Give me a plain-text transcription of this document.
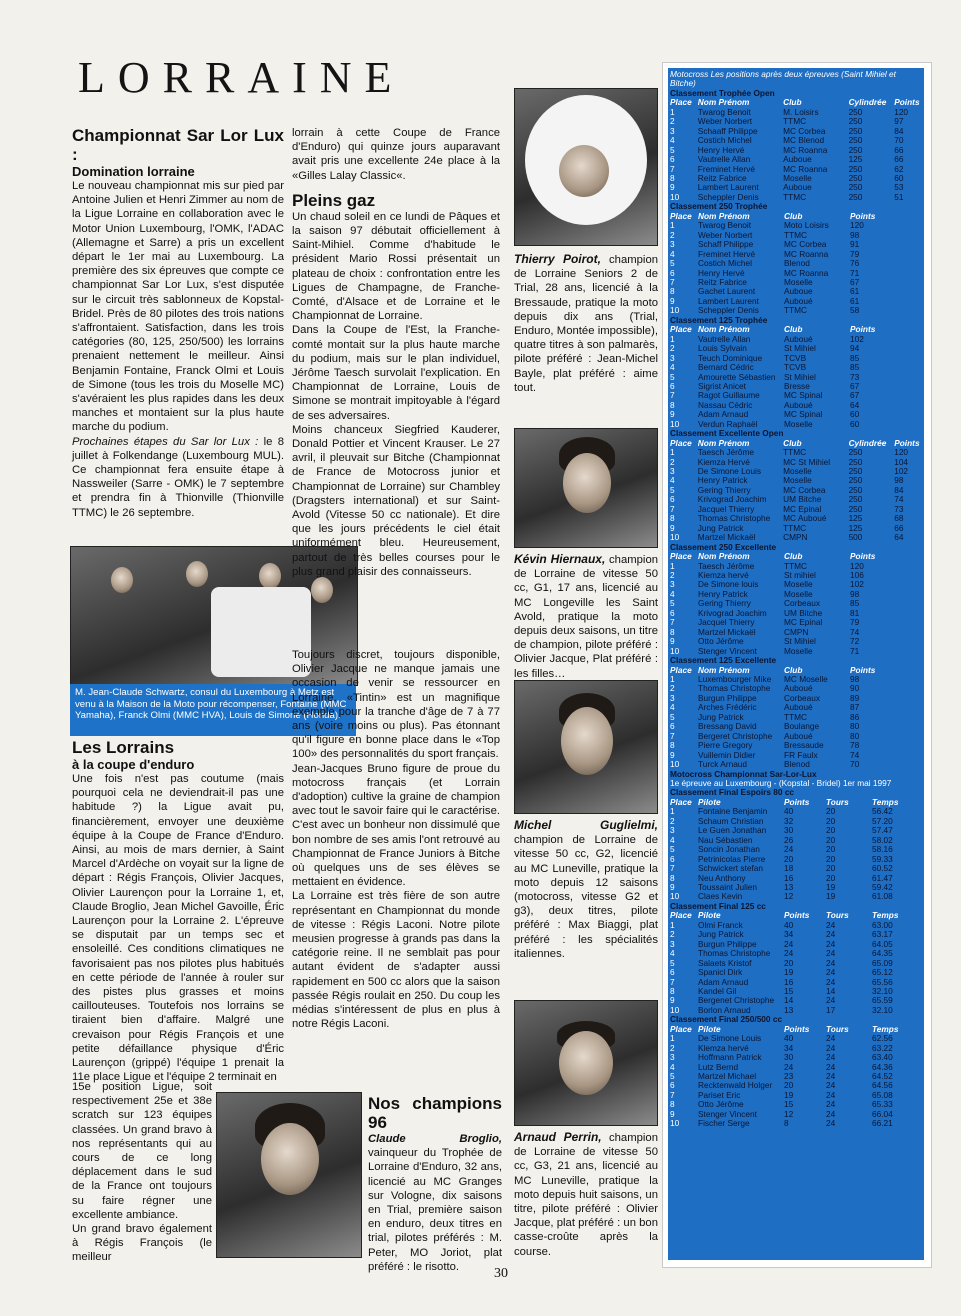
LORRAINE
Championnat Sar Lor Lux :
Domination lorraine

Le nouveau championnat mis sur pied par Antoine Julien et Henri Zimmer au nom de la Ligue Lorraine en collaboration avec le Motor Union Luxembourg, l'OMK, l'ADAC (Allemagne et Sarre) a pris un excellent départ le 1er mai au Luxembourg. La première des six épreuves que compte ce championnat Sar Lor Lux, s'est disputée sur le circuit très sablonneux de Kopstal-Bridel. Près de 80 pilotes des trois nations s'affrontaient. Satisfaction, dans les trois catégories (80, 125, 250/500) les lorrains prenaient nettement le meilleur. Ainsi Benjamin Fontaine, Franck Olmi et Louis de Simone (tous les trois du Moselle MC) s'avéraient les plus rapides dans les deux manches et montaient sur la plus haute marche du podium.

Prochaines étapes du Sar lor Lux : le 8 juillet à Folkendange (Luxembourg MUL). Ce championnat fera ensuite étape à Nassweiler (Sarre - OMK) le 7 septembre et prendra fin à Thionville (Thionville TTMC) le 26 septembre.

M. Jean-Claude Schwartz, consul du Luxembourg à Metz est venu à la Maison de la Moto pour récompenser, Fontaine (MMC Yamaha), Franck Olmi (MMC HVA), Louis de Simone (Honda).
Les Lorrains
à la coupe d'enduro

Une fois n'est pas coutume (mais pourquoi cela ne deviendrait-il pas une habitude ?) la Ligue avait pu, financièrement, envoyer une deuxième équipe à la Coupe de France d'Enduro. Ainsi, au mois de mars dernier, à Saint Marcel d'Ardèche on voyait sur la ligne de départ : Régis François, Olivier Jacques, Olivier Laurençon pour la Lorraine 1, et, Claude Broglio, Jean Michel Gavoille, Éric Laurençon pour la Lorraine 2. L'épreuve se disputait par un temps sec et ensoleillé. Ces conditions climatiques ne favorisaient pas nos pilotes plus habitués en cette période de l'année à rouler sur des pistes plus grasses et moins caillouteuses. Toutefois nos lorrains se tiraient bien d'affaire. Malgré une crevaison pour Régis François et une petite défaillance physique d'Éric Laurençon (grippé) l'équipe 1 prenait la 11e place Ligue et l'équipe 2 terminait en

15e position Ligue, soit respectivement 25e et 38e scratch sur 123 équipes classées. Un grand bravo à nos représentants qui au cours de ce long déplacement dans le sud de la France ont toujours su faire régner une excellente ambiance.

Un grand bravo également à Régis François (le meilleur

lorrain à cette Coupe de France d'Enduro) qui quinze jours auparavant avait pris une excellente 24e place à la «Gilles Lalay Classic«.

Pleins gaz

Un chaud soleil en ce lundi de Pâques et la saison 97 débutait officiellement à Saint-Mihiel. Comme d'habitude le président Mario Rossi présentait un plateau de choix : confrontation entre les Ligues de Champagne, de Franche-Comté, d'Alsace et de Lorraine et le Championnat de Lorraine.

Dans la Coupe de l'Est, la Franche-comté montait sur la plus haute marche du podium, mais sur le plan individuel, Jérôme Taesch survolait l'explication. En Championnat de Lorraine, Louis de Simone se montrait impitoyable à l'égard de ses adversaires.

Moins chanceux Siegfried Kauderer, Donald Pottier et Vincent Krauser. Le 27 avril, il pleuvait sur Bitche (Championnat de France de Motocross junior et Championnat de Lorraine) sur Chambley (Dragsters international) et sur Saint-Avold (Vitesse 50 cc nationale). Et dire que les jours précédents le ciel était uniformément bleu. Heureusement, partout de très belles courses pour le plus grand plaisir des connaisseurs.

Toujours discret, toujours disponible, Olivier Jacque ne manque jamais une occasion de venir se ressourcer en Lorraine. «Tintin» est un magnifique exemple pour la tranche d'âge de 7 à 77 ans (voire moins ou plus). Pas étonnant qu'il figure en bonne place dans le «Top 100» des personnalités du sport français.

Jean-Jacques Bruno figure de proue du motocross français (et Lorrain d'adoption) cultive la graine de champion avec tout le savoir faire qui le caractérise. C'est avec un bonheur non dissimulé que bon nombre de ses amis l'ont retrouvé au Championnat de France Juniors à Bitche où quelques uns de ses élèves se mettaient en évidence.

La Lorraine est très fière de son autre représentant en Championnat du monde de vitesse : Régis Laconi. Notre pilote meusien progresse à grands pas dans la catégorie reine. Il ne semblait pas pour autant évident de s'adapter aussi rapidement en 500 cc alors que la saison passée Régis roulait en 250. Du coup les médias s'intéressent de plus en plus à notre Régis Laconi.

Nos champions 96

Claude Broglio, vainqueur du Trophée de Lorraine d'Enduro, 32 ans, licencié au MC Granges sur Vologne, dix saisons en Trial, première saison en enduro, deux titres en trial, pilotes préférés : M. Peter, MO Joriot, plat préféré : le risotto.

Thierry Poirot, champion de Lorraine Seniors 2 de Trial, 28 ans, licencié à la Bressaude, pratique la moto depuis dix ans (Trial, Enduro, Montée impossible), quatre titres à son palmarès, pilote préféré : Jean-Michel Bayle, plat préféré : aime tout.

Kévin Hiernaux, champion de Lorraine de vitesse 50 cc, G1, 17 ans, licencié au MC Longeville les Saint Avold, pratique la moto depuis deux saisons, un titre de champion, pilote préféré : Olivier Jacque, Plat préféré : les filles…

Michel Guglielmi, champion de Lorraine de vitesse 50 cc, G2, licencié au MC Luneville, pratique la moto depuis 12 saisons (motocross, vitesse G2 et g3), deux titres, pilote préféré : Max Biaggi, plat préféré : les spécialités italiennes.

Arnaud Perrin, champion de Lorraine de vitesse 50 cc, G3, 21 ans, licencié au MC Luneville, pratique la moto depuis huit saisons, un titre, pilote préféré : Olivier Jacque, plat préféré : un bon casse-croûte après la course.

Motocross Les positions après deux épreuves (Saint Mihiel et Bitche)
Classement Trophée Open
Place Nom Prénom	Club	Cylindrée Points
1	Twarog Benoit	M. Loisirs	250	120
2	Weber Norbert	TTMC	250	97
3	Schaaff Philippe	MC Corbea	250	84
4	Costich Michel	MC Blenod	250	70
5	Henry Hervé	MC Roanna	250	66
6	Vautrelle Allan	Auboue	125	66
7	Freminet Hervé	MC Roanna	250	62
8	Reitz Fabrice	Moselle	250	60
9	Lambert Laurent	Auboue	250	53
10	Scheppler Denis	TTMC	250	51
Classement 250 Trophée
Place Nom Prénom	Club	Points
1	Twarog Benoit	Moto Loisirs	120
2	Weber Norbert	TTMC	98
3	Schaff Philippe	MC Corbea	91
4	Freminet Hervé	MC Roanna	79
5	Costich Michel	Blenod	76
6	Henry Hervé	MC Roanna	71
7	Reitz Fabrice	Moselle	67
8	Gachet Laurent	Auboue	61
9	Lambert Laurent	Auboué	61
10	Scheppler Denis	TTMC	58
Classement 125 Trophée
Place Nom Prénom	Club	Points
1	Vautrelle Allan	Auboué	102
2	Louis Sylvain	St Mihiel	94
3	Teuch Dominique	TCVB	85
4	Bernard Cédric	TCVB	85
5	Amourette Sébastien	St Mihiel	73
6	Sigrist Anicet	Bresse	67
7	Ragot Guillaume	MC Spinal	67
8	Nassau Cédric	Auboué	64
9	Adam Arnaud	MC Spinal	60
10	Verdun Raphaël	Moselle	60
Classement Excellente Open
Place Nom Prénom	Club	Cylindrée Points
1	Taesch Jérôme	TTMC	250	120
2	Kiemza Hervé	MC St Mihiel	250	104
3	De Simone Louis	Moselle	250	102
4	Henry Patrick	Moselle	250	98
5	Gering Thierry	MC Corbea	250	84
6	Krivograd Joachim	UM Bitche	250	74
7	Jacquel Thierry	MC Epinal	250	73
8	Thomas Christophe	MC Auboué	125	68
9	Jung Patrick	TTMC	125	66
10	Martzel Mickaël	CMPN	500	64
Classement 250 Excellente
Place Nom Prénom	Club	Points
1	Taesch Jérôme	TTMC	120
2	Kiemza hervé	St mihiel	106
3	De Simone louis	Moselle	102
4	Henry Patrick	Moselle	98
5	Gering Thierry	Corbeaux	85
6	Krivograd Joachim	UM Bitche	81
7	Jacquel Thierry	MC Epinal	79
8	Martzel Mickaël	CMPN	74
9	Otto Jérôme	St Mihiel	72
10	Stenger Vincent	Moselle	71
Classement 125 Excellente
Place Nom Prénom	Club	Points
1	Luxembourger Mike	MC Moselle	98
2	Thomas Christophe	Auboué	90
3	Burgun Philippe	Corbeaux	89
4	Arches Frédéric	Auboué	87
5	Jung Patrick	TTMC	86
6	Bressang David	Boulange	80
7	Bergeret Christophe	Auboué	80
8	Pierre Gregory	Bressaude	78
9	Vuillemin Didier	FR Faulx	74
10	Turck Arnaud	Blenod	70
Motocross Championnat Sar-Lor-Lux
1e épreuve au Luxembourg - (Kopstal - Bridel) 1er mai 1997
Classement Final Espoirs 80 cc
Place Pilote	Points	Tours	Temps
1	Fontaine Benjamin	40	20	56.42
2	Schaum Christian	32	20	57.20
3	Le Guen Jonathan	30	20	57.47
4	Nau Sébastien	26	20	58.02
5	Soncin Jonathan	24	20	58.16
6	Petrinicolas Pierre	20	20	59.33
7	Schwickert stefan	18	20	60.52
8	Neu Anthony	16	20	61.47
9	Toussaint Julien	13	19	59.42
10	Claes Kevin	12	19	61.08
Classement Final 125 cc
Place Pilote	Points	Tours	Temps
1	Olmi Franck	40	24	63.00
2	Jung Patrick	34	24	63.17
3	Burgun Philippe	24	24	64.05
4	Thomas Christophe	24	24	64.35
5	Salaets Kristof	20	24	65.09
6	Spanicl Dirk	19	24	65.12
7	Adam Arnaud	16	24	65.56
8	Kandel Gil	15	14	32.10
9	Bergenet Christophe	14	24	65.59
10	Borlon Arnaud	13	17	32.10
Classement Final 250/500 cc
Place Pilote	Points	Tours	Temps
1	De Simone Louis	40	24	62.56
2	Klemza hervé	34	24	63.22
3	Hoffmann Patrick	30	24	63.40
4	Lutz Bernd	24	24	64.36
5	Martzel Michael	23	24	64.52
6	Recktenwald Holger	20	24	64.56
7	Pariset Eric	19	24	65.08
8	Otto Jérôme	15	24	65.33
9	Stenger Vincent	12	24	66.04
10	Fischer Serge	8	24	66.21
30
